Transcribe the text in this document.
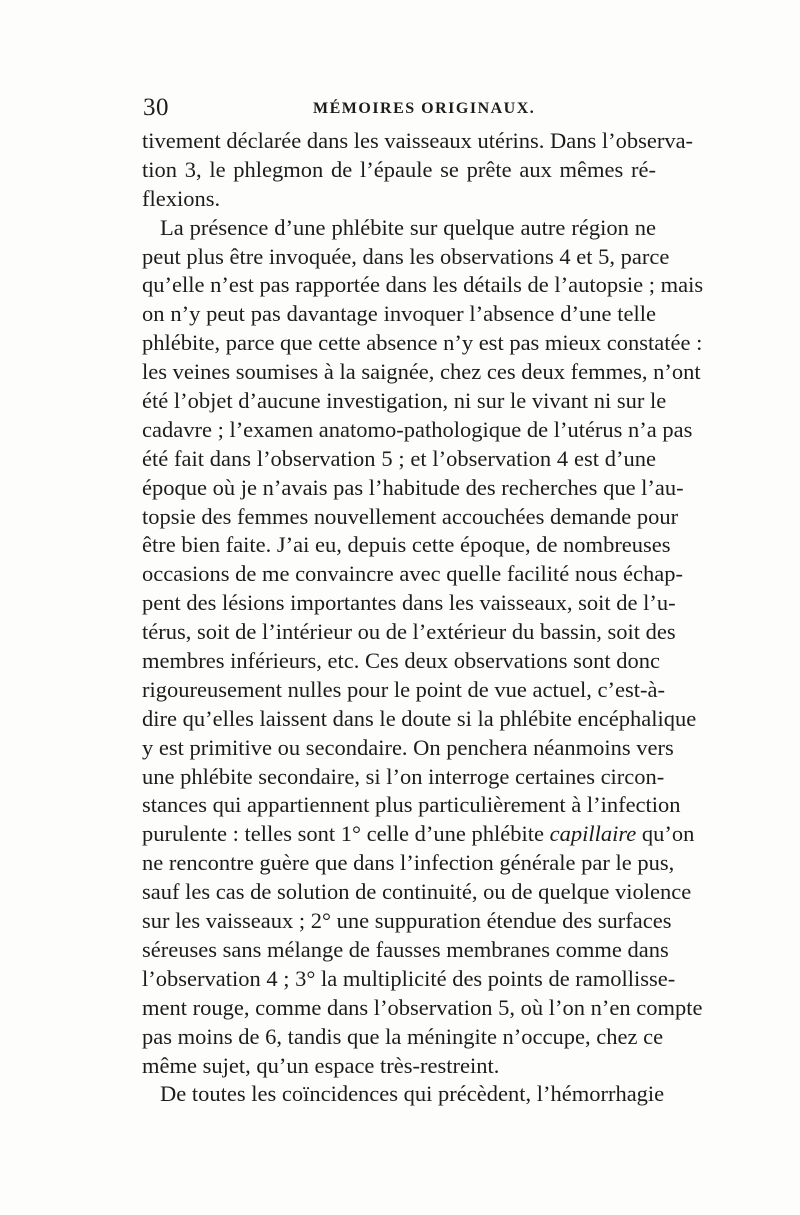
30	MÉMOIRES ORIGINAUX.
tivement déclarée dans les vaisseaux utérins. Dans l’observa-
tion 3, le phlegmon de l’épaule se prête aux mêmes ré-
flexions.
La présence d’une phlébite sur quelque autre région ne
peut plus être invoquée, dans les observations 4 et 5, parce
qu’elle n’est pas rapportée dans les détails de l’autopsie ; mais
on n’y peut pas davantage invoquer l’absence d’une telle
phlébite, parce que cette absence n’y est pas mieux constatée :
les veines soumises à la saignée, chez ces deux femmes, n’ont
été l’objet d’aucune investigation, ni sur le vivant ni sur le
cadavre ; l’examen anatomo-pathologique de l’utérus n’a pas
été fait dans l’observation 5 ; et l’observation 4 est d’une
époque où je n’avais pas l’habitude des recherches que l’au-
topsie des femmes nouvellement accouchées demande pour
être bien faite. J’ai eu, depuis cette époque, de nombreuses
occasions de me convaincre avec quelle facilité nous échap-
pent des lésions importantes dans les vaisseaux, soit de l’u-
térus, soit de l’intérieur ou de l’extérieur du bassin, soit des
membres inférieurs, etc. Ces deux observations sont donc
rigoureusement nulles pour le point de vue actuel, c’est-à-
dire qu’elles laissent dans le doute si la phlébite encéphalique
y est primitive ou secondaire. On penchera néanmoins vers
une phlébite secondaire, si l’on interroge certaines circon-
stances qui appartiennent plus particulièrement à l’infection
purulente : telles sont 1° celle d’une phlébite capillaire qu’on
ne rencontre guère que dans l’infection générale par le pus,
sauf les cas de solution de continuité, ou de quelque violence
sur les vaisseaux ; 2° une suppuration étendue des surfaces
séreuses sans mélange de fausses membranes comme dans
l’observation 4 ; 3° la multiplicité des points de ramollisse-
ment rouge, comme dans l’observation 5, où l’on n’en compte
pas moins de 6, tandis que la méningite n’occupe, chez ce
même sujet, qu’un espace très-restreint.
De toutes les coïncidences qui précèdent, l’hémorrhagie
